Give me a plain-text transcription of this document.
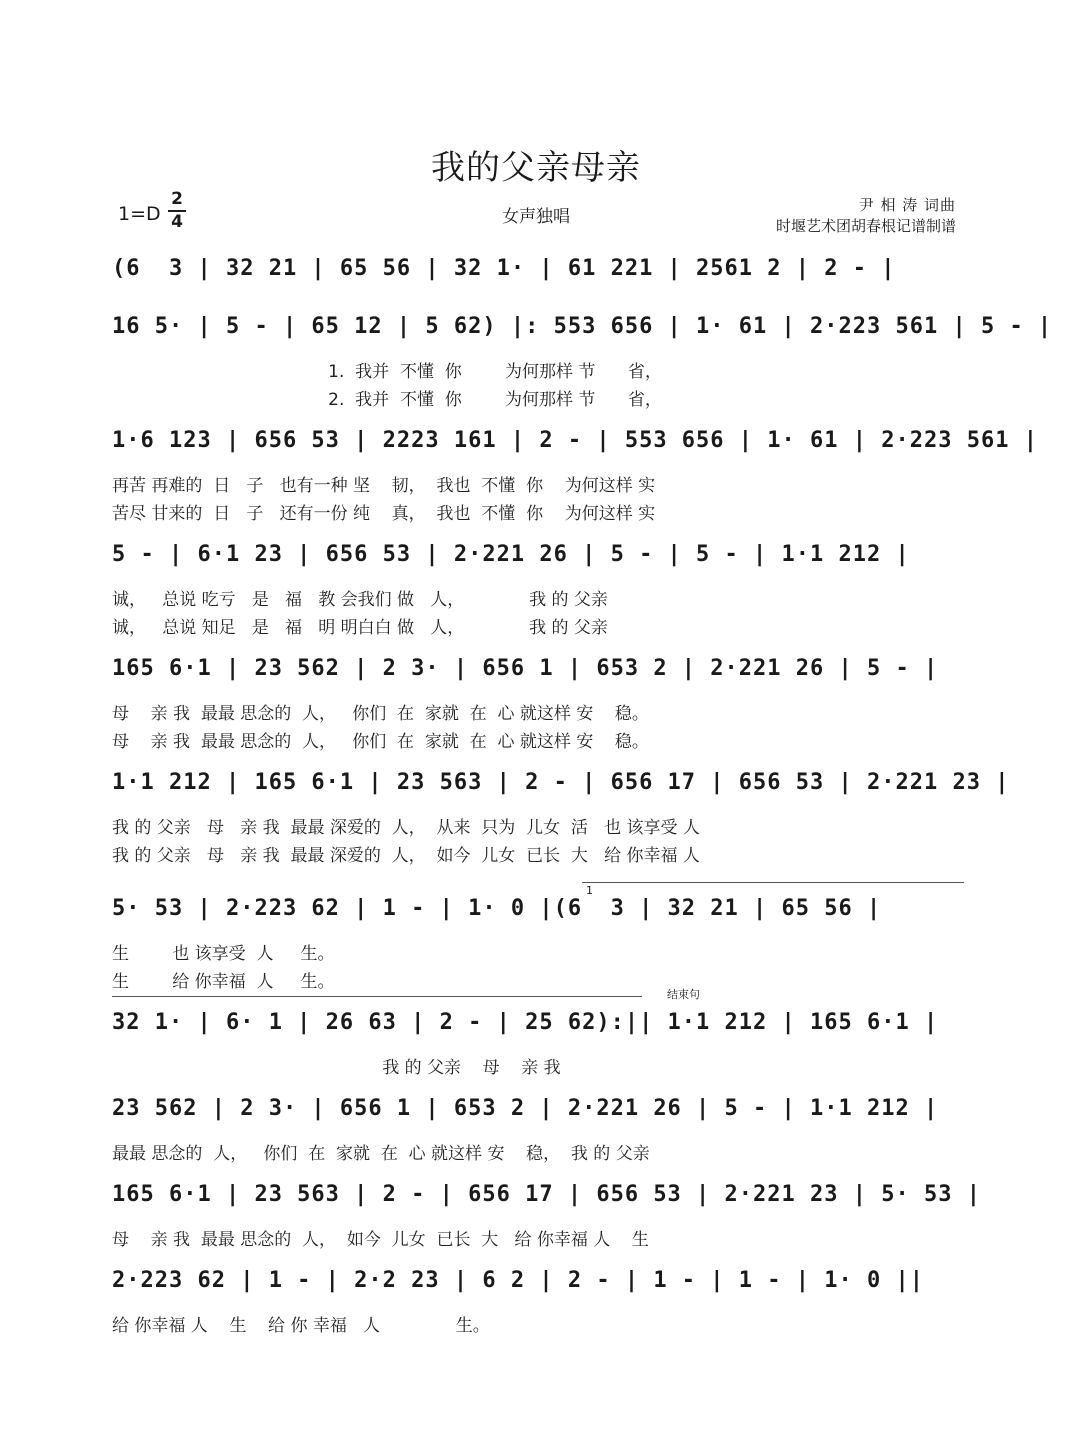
我的父亲母亲
1=D
2
4	女声独唱
尹 相 涛 词曲
时堰艺术团胡春根记谱制谱
(6  3 | 32 21 | 65 56 | 32 1· | 61 221 | 2561 2 | 2 - |
16 5· | 5 - | 65 12 | 5 62) |: 553 656 | 1· 61 | 2·223 561 | 5 - |
1.  我并  不懂  你        为何那样 节      省，
2.  我并  不懂  你        为何那样 节      省，
1·6 123 | 656 53 | 2223 161 | 2 - | 553 656 | 1· 61 | 2·223 561 |
再苦 再难的  日   子   也有一种 坚    韧，  我也  不懂  你    为何这样 实
苦尽 甘来的  日   子   还有一份 纯    真，  我也  不懂  你    为何这样 实
5 - | 6·1 23 | 656 53 | 2·221 26 | 5 - | 5 - | 1·1 212 |
诚，   总说 吃亏   是   福   教 会我们 做   人，            我 的 父亲
诚，   总说 知足   是   福   明 明白白 做   人，            我 的 父亲
165 6·1 | 23 562 | 2 3· | 656 1 | 653 2 | 2·221 26 | 5 - |
母    亲 我  最最 思念的  人，   你们  在  家就  在  心 就这样 安    稳。
母    亲 我  最最 思念的  人，   你们  在  家就  在  心 就这样 安    稳。
1·1 212 | 165 6·1 | 23 563 | 2 - | 656 17 | 656 53 | 2·221 23 |
我 的 父亲   母   亲 我  最最 深爱的  人，  从来  只为  儿女  活   也 该享受 人
我 的 父亲   母   亲 我  最最 深爱的  人，  如今  儿女  已长  大   给 你幸福 人
1
5· 53 | 2·223 62 | 1 - | 1· 0 |(6  3 | 32 21 | 65 56 |
生        也 该享受  人     生。
生        给 你幸福  人     生。
结束句
32 1· | 6· 1 | 26 63 | 2 - | 25 62):|| 1·1 212 | 165 6·1 |
我 的 父亲    母    亲 我
23 562 | 2 3· | 656 1 | 653 2 | 2·221 26 | 5 - | 1·1 212 |
最最 思念的  人，   你们  在  家就  在  心 就这样 安    稳，  我 的 父亲
165 6·1 | 23 563 | 2 - | 656 17 | 656 53 | 2·221 23 | 5· 53 |
母    亲 我  最最 思念的  人，  如今  儿女  已长  大   给 你幸福 人    生
2·223 62 | 1 - | 2·2 23 | 6 2 | 2 - | 1 - | 1 - | 1· 0 ||
给 你幸福 人    生    给 你 幸福   人              生。
